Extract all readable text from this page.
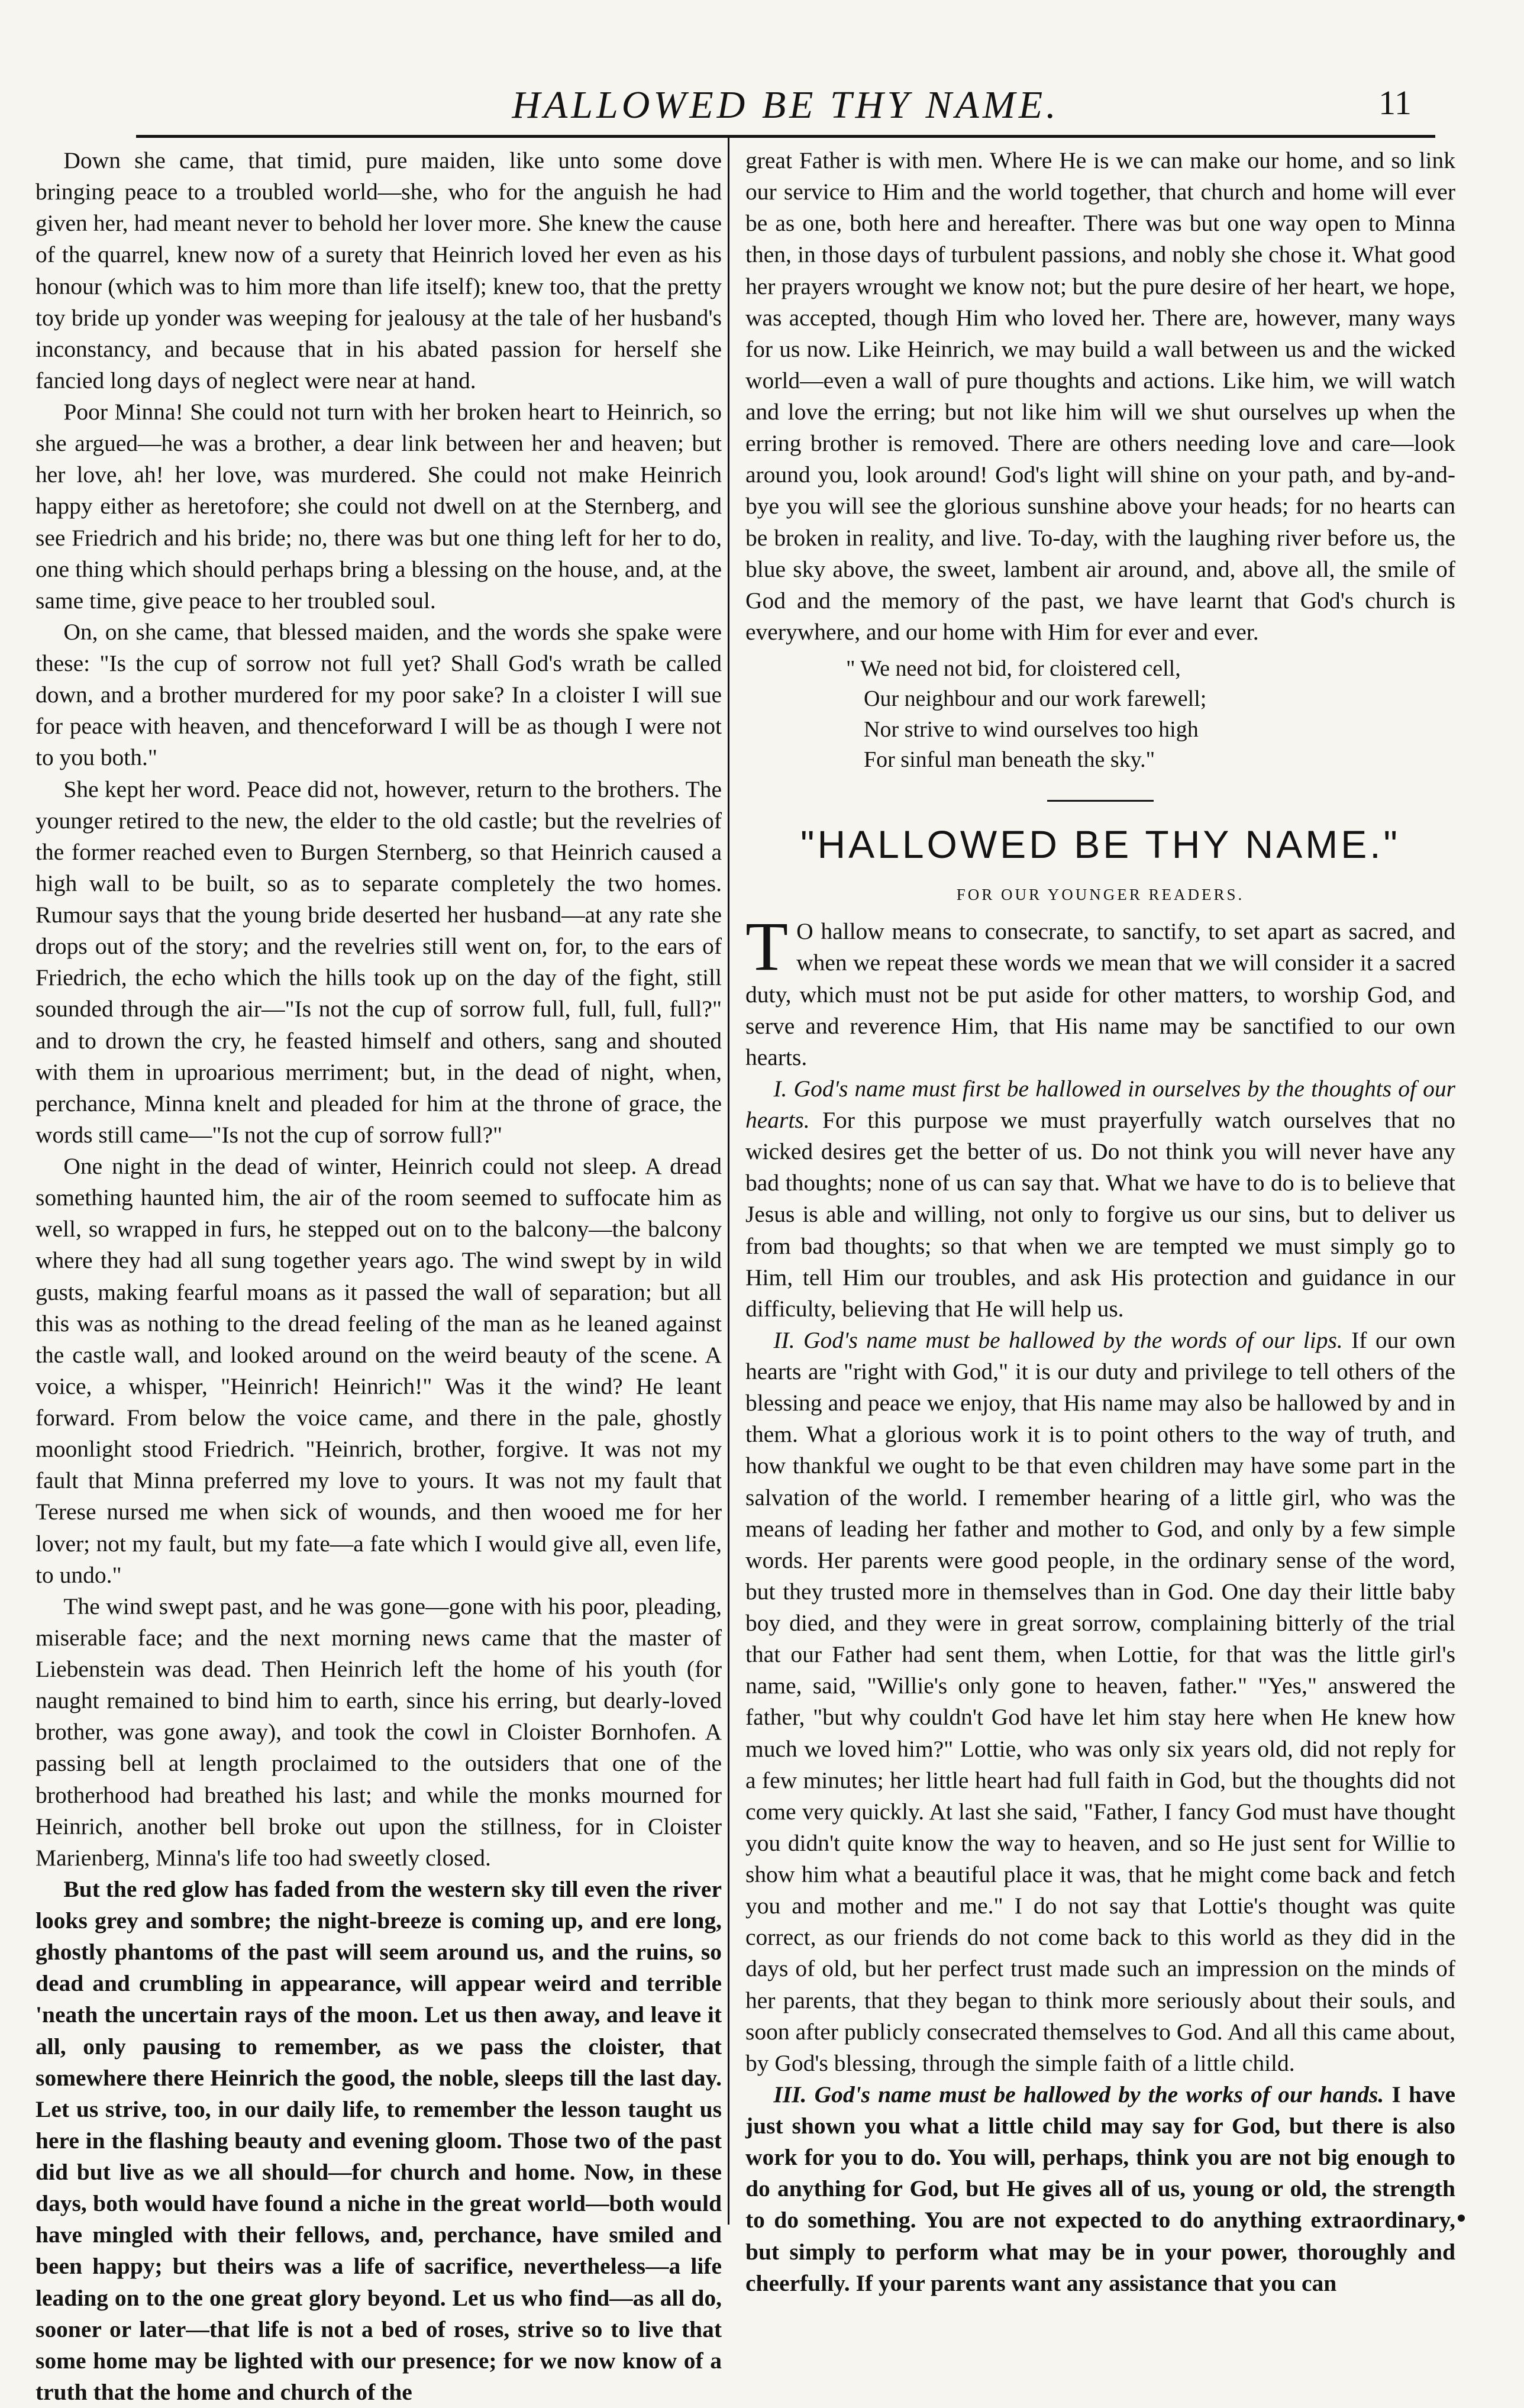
HALLOWED BE THY NAME.	11

Down she came, that timid, pure maiden, like unto some dove bringing peace to a troubled world—she, who for the anguish he had given her, had meant never to behold her lover more. She knew the cause of the quarrel, knew now of a surety that Heinrich loved her even as his honour (which was to him more than life itself); knew too, that the pretty toy bride up yonder was weeping for jealousy at the tale of her husband's inconstancy, and because that in his abated passion for herself she fancied long days of neglect were near at hand.

Poor Minna! She could not turn with her broken heart to Heinrich, so she argued—he was a brother, a dear link between her and heaven; but her love, ah! her love, was murdered. She could not make Heinrich happy either as heretofore; she could not dwell on at the Sternberg, and see Friedrich and his bride; no, there was but one thing left for her to do, one thing which should perhaps bring a blessing on the house, and, at the same time, give peace to her troubled soul.

On, on she came, that blessed maiden, and the words she spake were these: "Is the cup of sorrow not full yet? Shall God's wrath be called down, and a brother murdered for my poor sake? In a cloister I will sue for peace with heaven, and thenceforward I will be as though I were not to you both."

She kept her word. Peace did not, however, return to the brothers. The younger retired to the new, the elder to the old castle; but the revelries of the former reached even to Burgen Sternberg, so that Heinrich caused a high wall to be built, so as to separate completely the two homes. Rumour says that the young bride deserted her husband—at any rate she drops out of the story; and the revelries still went on, for, to the ears of Friedrich, the echo which the hills took up on the day of the fight, still sounded through the air—"Is not the cup of sorrow full, full, full, full?" and to drown the cry, he feasted himself and others, sang and shouted with them in uproarious merriment; but, in the dead of night, when, perchance, Minna knelt and pleaded for him at the throne of grace, the words still came—"Is not the cup of sorrow full?"

One night in the dead of winter, Heinrich could not sleep. A dread something haunted him, the air of the room seemed to suffocate him as well, so wrapped in furs, he stepped out on to the balcony—the balcony where they had all sung together years ago. The wind swept by in wild gusts, making fearful moans as it passed the wall of separation; but all this was as nothing to the dread feeling of the man as he leaned against the castle wall, and looked around on the weird beauty of the scene. A voice, a whisper, "Heinrich! Heinrich!" Was it the wind? He leant forward. From below the voice came, and there in the pale, ghostly moonlight stood Friedrich. "Heinrich, brother, forgive. It was not my fault that Minna preferred my love to yours. It was not my fault that Terese nursed me when sick of wounds, and then wooed me for her lover; not my fault, but my fate—a fate which I would give all, even life, to undo."

The wind swept past, and he was gone—gone with his poor, pleading, miserable face; and the next morning news came that the master of Liebenstein was dead. Then Heinrich left the home of his youth (for naught remained to bind him to earth, since his erring, but dearly-loved brother, was gone away), and took the cowl in Cloister Bornhofen. A passing bell at length proclaimed to the outsiders that one of the brotherhood had breathed his last; and while the monks mourned for Heinrich, another bell broke out upon the stillness, for in Cloister Marienberg, Minna's life too had sweetly closed.

But the red glow has faded from the western sky till even the river looks grey and sombre; the night-breeze is coming up, and ere long, ghostly phantoms of the past will seem around us, and the ruins, so dead and crumbling in appearance, will appear weird and terrible 'neath the uncertain rays of the moon. Let us then away, and leave it all, only pausing to remember, as we pass the cloister, that somewhere there Heinrich the good, the noble, sleeps till the last day. Let us strive, too, in our daily life, to remember the lesson taught us here in the flashing beauty and evening gloom. Those two of the past did but live as we all should—for church and home. Now, in these days, both would have found a niche in the great world—both would have mingled with their fellows, and, perchance, have smiled and been happy; but theirs was a life of sacrifice, nevertheless—a life leading on to the one great glory beyond. Let us who find—as all do, sooner or later—that life is not a bed of roses, strive so to live that some home may be lighted with our presence; for we now know of a truth that the home and church of the

great Father is with men. Where He is we can make our home, and so link our service to Him and the world together, that church and home will ever be as one, both here and hereafter. There was but one way open to Minna then, in those days of turbulent passions, and nobly she chose it. What good her prayers wrought we know not; but the pure desire of her heart, we hope, was accepted, though Him who loved her. There are, however, many ways for us now. Like Heinrich, we may build a wall between us and the wicked world—even a wall of pure thoughts and actions. Like him, we will watch and love the erring; but not like him will we shut ourselves up when the erring brother is removed. There are others needing love and care—look around you, look around! God's light will shine on your path, and by-and-bye you will see the glorious sunshine above your heads; for no hearts can be broken in reality, and live. To-day, with the laughing river before us, the blue sky above, the sweet, lambent air around, and, above all, the smile of God and the memory of the past, we have learnt that God's church is everywhere, and our home with Him for ever and ever.

" We need not bid, for cloistered cell,
Our neighbour and our work farewell;
Nor strive to wind ourselves too high
For sinful man beneath the sky."
"HALLOWED BE THY NAME."
FOR OUR YOUNGER READERS.

T O hallow means to consecrate, to sanctify, to set apart as sacred, and when we repeat these words we mean that we will consider it a sacred duty, which must not be put aside for other matters, to worship God, and serve and reverence Him, that His name may be sanctified to our own hearts.

I. God's name must first be hallowed in ourselves by the thoughts of our hearts. For this purpose we must prayerfully watch ourselves that no wicked desires get the better of us. Do not think you will never have any bad thoughts; none of us can say that. What we have to do is to believe that Jesus is able and willing, not only to forgive us our sins, but to deliver us from bad thoughts; so that when we are tempted we must simply go to Him, tell Him our troubles, and ask His protection and guidance in our difficulty, believing that He will help us.

II. God's name must be hallowed by the words of our lips. If our own hearts are "right with God," it is our duty and privilege to tell others of the blessing and peace we enjoy, that His name may also be hallowed by and in them. What a glorious work it is to point others to the way of truth, and how thankful we ought to be that even children may have some part in the salvation of the world. I remember hearing of a little girl, who was the means of leading her father and mother to God, and only by a few simple words. Her parents were good people, in the ordinary sense of the word, but they trusted more in themselves than in God. One day their little baby boy died, and they were in great sorrow, complaining bitterly of the trial that our Father had sent them, when Lottie, for that was the little girl's name, said, "Willie's only gone to heaven, father." "Yes," answered the father, "but why couldn't God have let him stay here when He knew how much we loved him?" Lottie, who was only six years old, did not reply for a few minutes; her little heart had full faith in God, but the thoughts did not come very quickly. At last she said, "Father, I fancy God must have thought you didn't quite know the way to heaven, and so He just sent for Willie to show him what a beautiful place it was, that he might come back and fetch you and mother and me." I do not say that Lottie's thought was quite correct, as our friends do not come back to this world as they did in the days of old, but her perfect trust made such an impression on the minds of her parents, that they began to think more seriously about their souls, and soon after publicly consecrated themselves to God. And all this came about, by God's blessing, through the simple faith of a little child.

III. God's name must be hallowed by the works of our hands. I have just shown you what a little child may say for God, but there is also work for you to do. You will, perhaps, think you are not big enough to do anything for God, but He gives all of us, young or old, the strength to do something. You are not expected to do anything extraordinary, but simply to perform what may be in your power, thoroughly and cheerfully. If your parents want any assistance that you can
